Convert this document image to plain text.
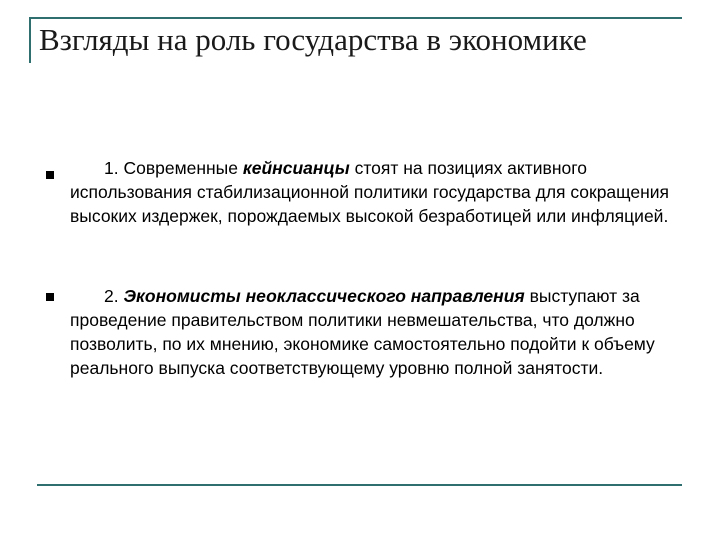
Взгляды на роль государства в экономике

1. Современные кейнсианцы стоят на позициях активного использования стабилизационной политики государства для сокращения высоких издержек, порождаемых высокой безработицей или инфляцией.

2. Экономисты неоклассического направления выступают за проведение правительством политики невмешательства, что должно позволить, по их мнению, экономике самостоятельно подойти к объему реального выпуска соответствующему уровню полной занятости.
